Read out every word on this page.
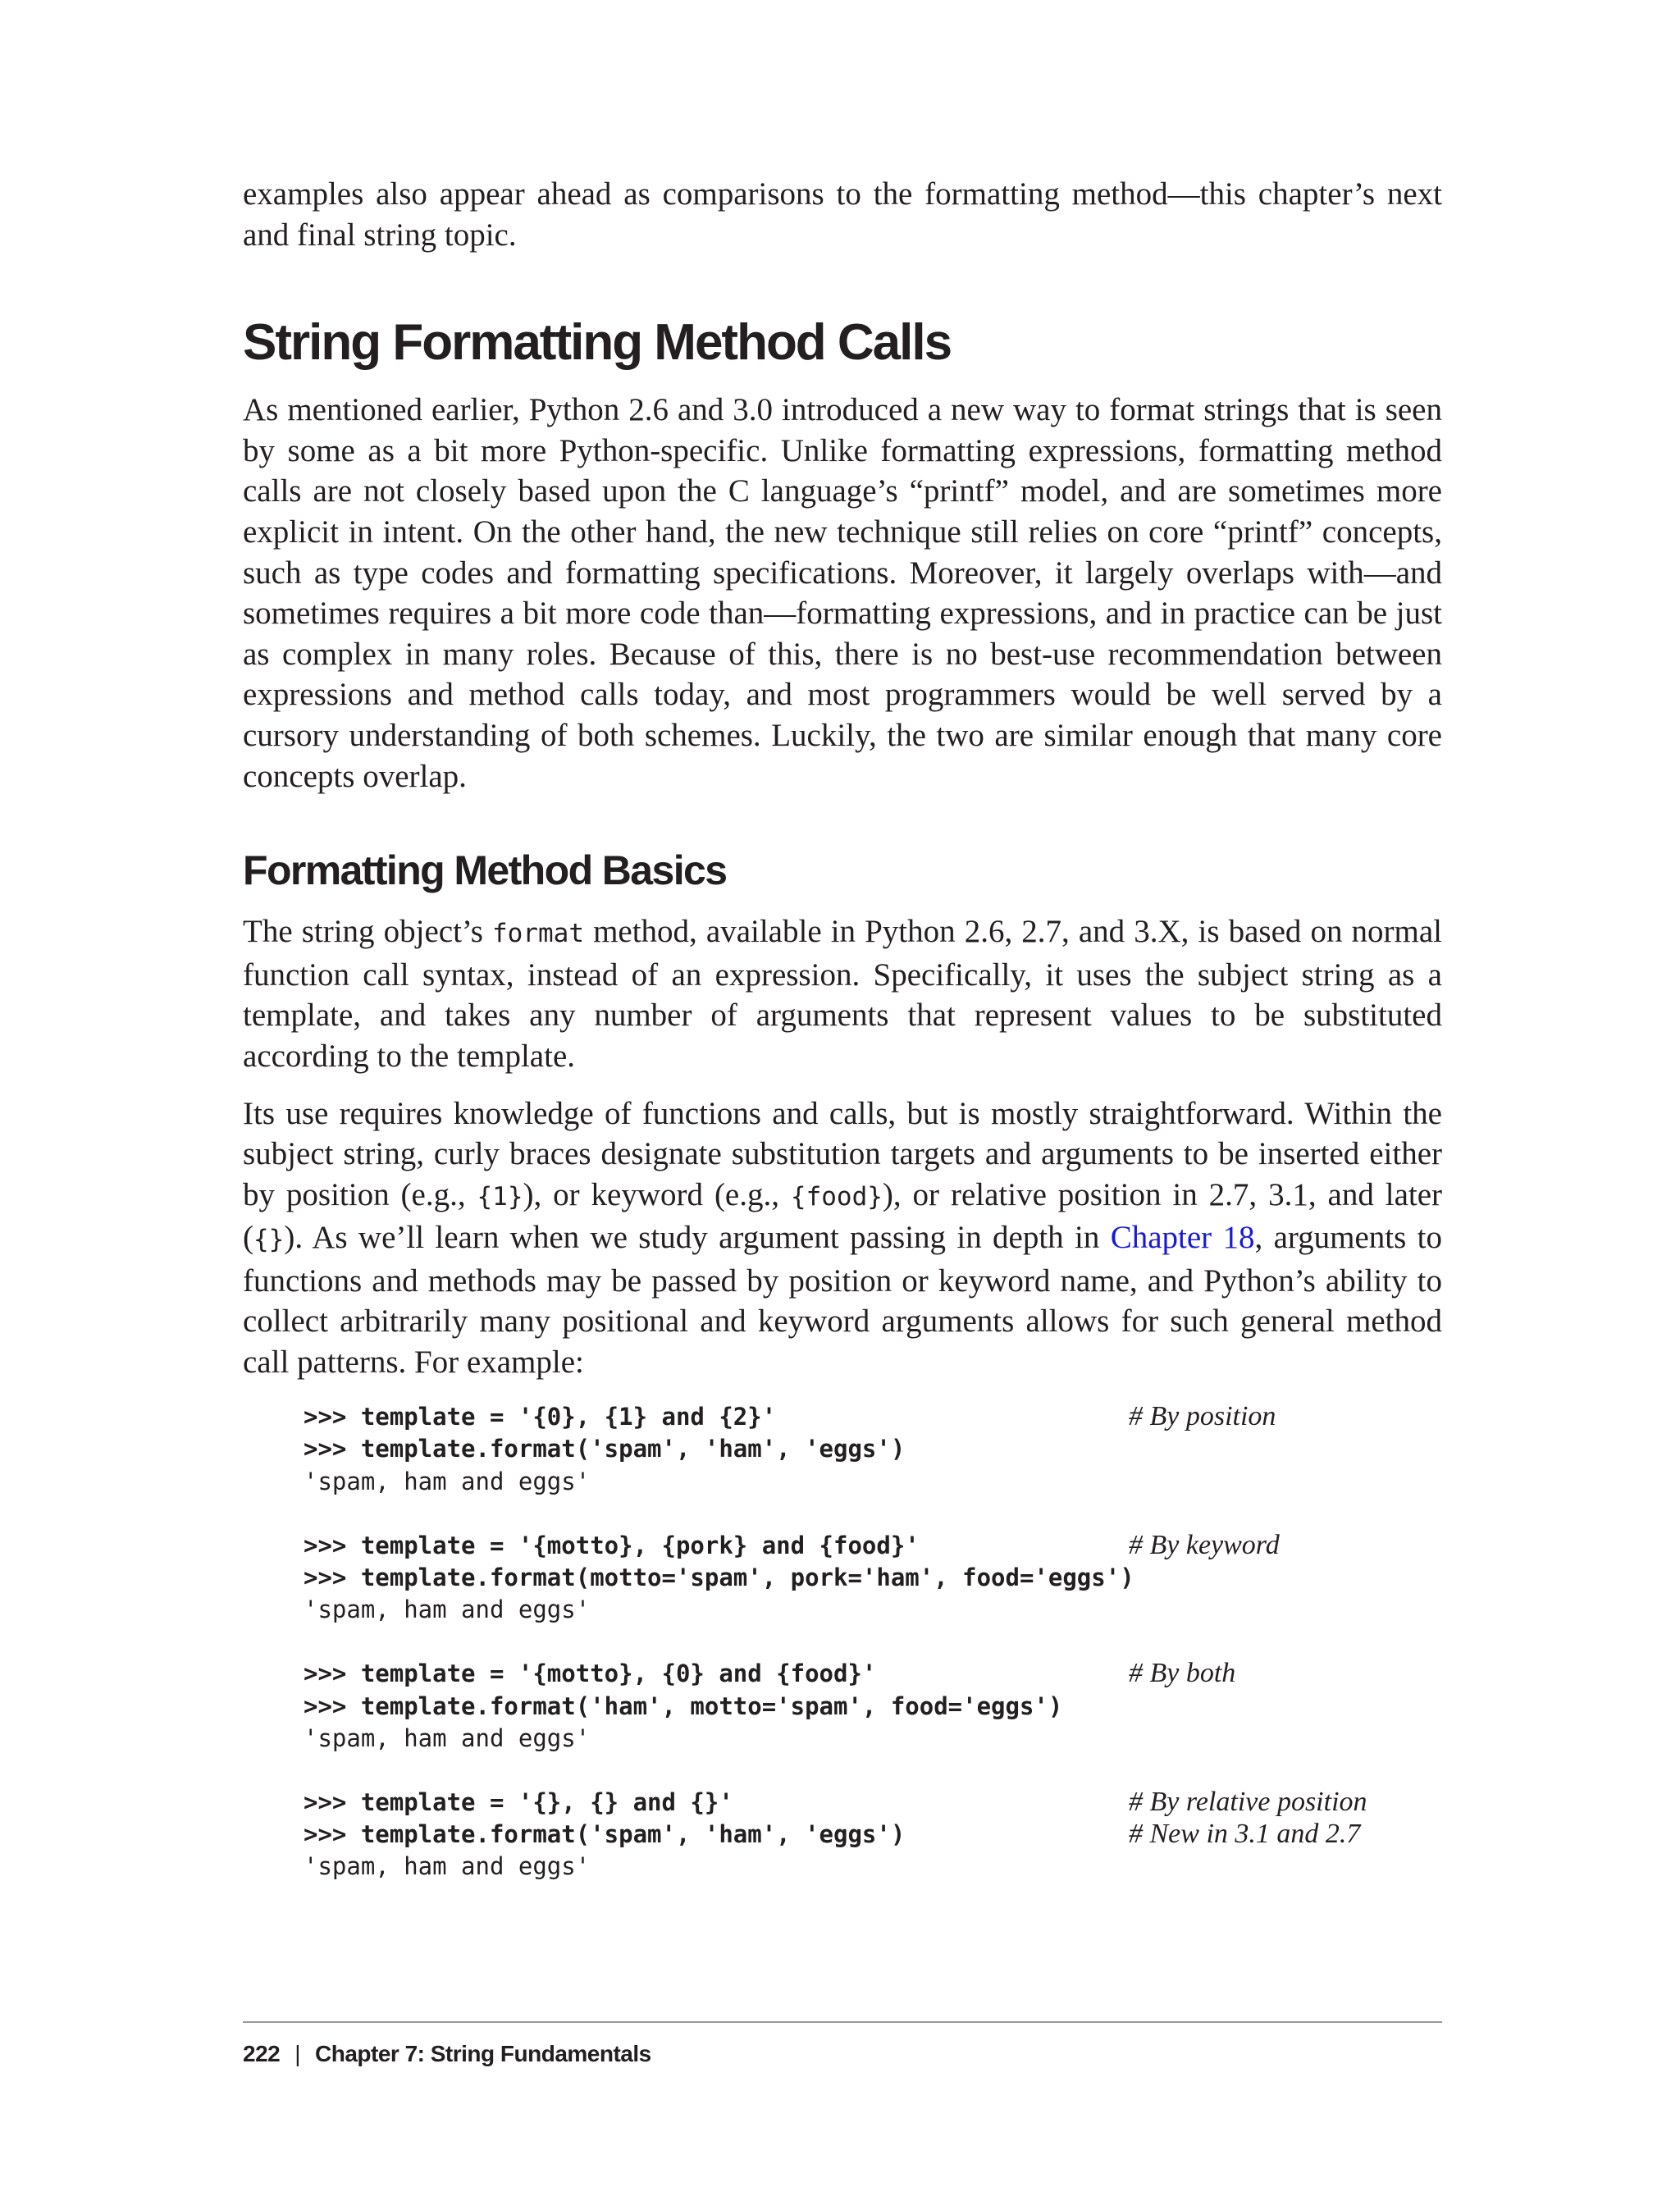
examples also appear ahead as comparisons to the formatting method—this chapter’s next and final string topic.

String Formatting Method Calls

As mentioned earlier, Python 2.6 and 3.0 introduced a new way to format strings that is seen by some as a bit more Python-specific. Unlike formatting expressions, formatting method calls are not closely based upon the C language’s “printf” model, and are sometimes more explicit in intent. On the other hand, the new technique still relies on core “printf” concepts, such as type codes and formatting specifications. Moreover, it largely overlaps with—and sometimes requires a bit more code than—formatting expressions, and in practice can be just as complex in many roles. Because of this, there is no best-use recommendation between expressions and method calls today, and most programmers would be well served by a cursory understanding of both schemes. Luckily, the two are similar enough that many core concepts overlap.

Formatting Method Basics

The string object’s format method, available in Python 2.6, 2.7, and 3.X, is based on normal function call syntax, instead of an expression. Specifically, it uses the subject string as a template, and takes any number of arguments that represent values to be substituted according to the template.

Its use requires knowledge of functions and calls, but is mostly straightforward. Within the subject string, curly braces designate substitution targets and arguments to be inserted either by position (e.g., {1}), or keyword (e.g., {food}), or relative position in 2.7, 3.1, and later ({}). As we’ll learn when we study argument passing in depth in Chapter 18, arguments to functions and methods may be passed by position or keyword name, and Python’s ability to collect arbitrarily many positional and keyword arguments allows for such general method call patterns. For example:

>>> template = '{0}, {1} and {2}'	# By position
>>> template.format('spam', 'ham', 'eggs')
'spam, ham and eggs'
>>> template = '{motto}, {pork} and {food}'	# By keyword
>>> template.format(motto='spam', pork='ham', food='eggs')
'spam, ham and eggs'
>>> template = '{motto}, {0} and {food}'	# By both
>>> template.format('ham', motto='spam', food='eggs')
'spam, ham and eggs'
>>> template = '{}, {} and {}'	# By relative position
>>> template.format('spam', 'ham', 'eggs')	# New in 3.1 and 2.7
'spam, ham and eggs'
222 | Chapter 7: String Fundamentals
